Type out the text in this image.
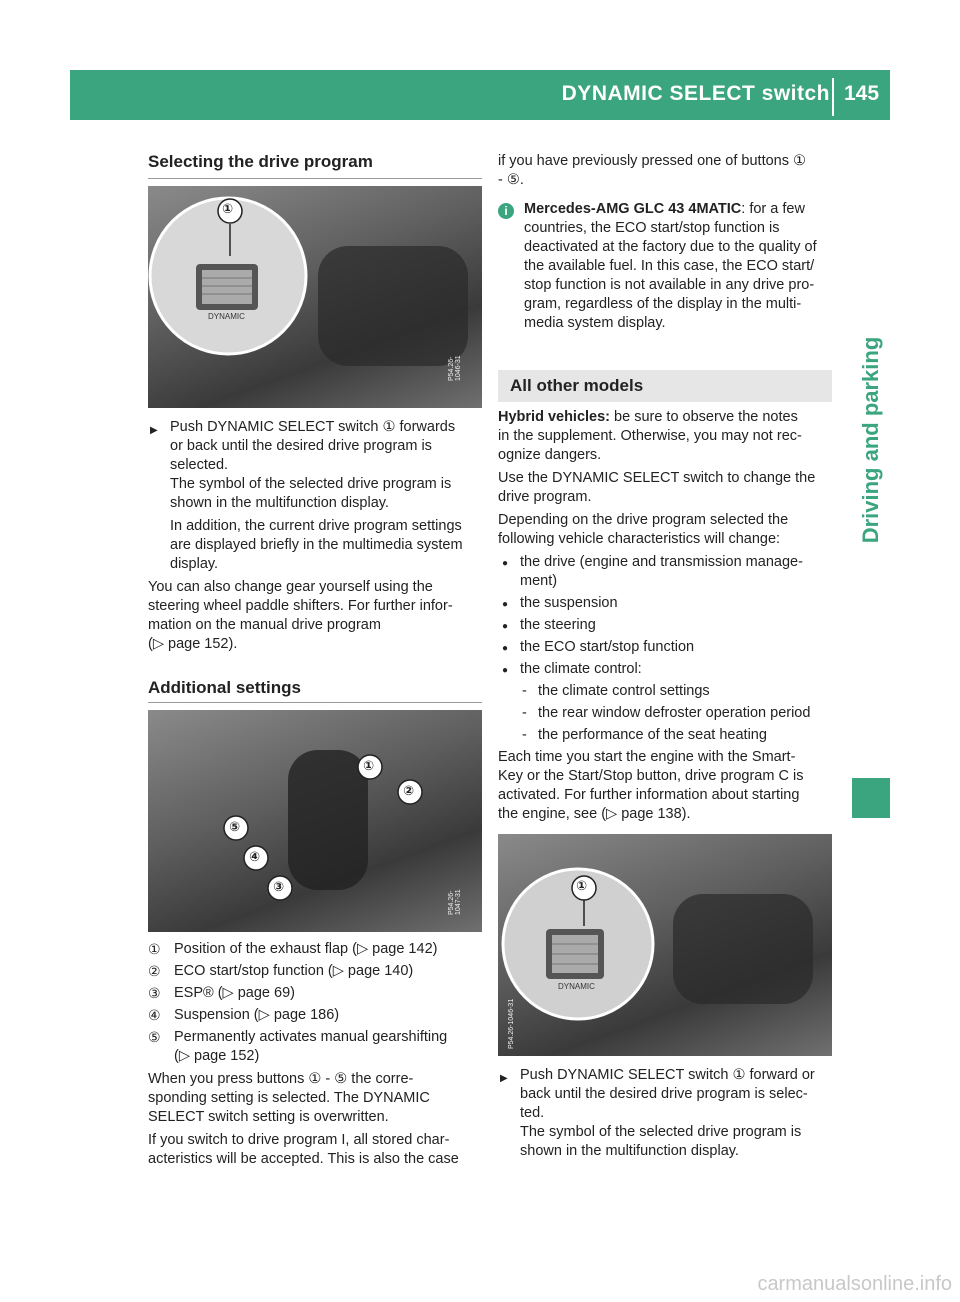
DYNAMIC SELECT switch 145
Driving and parking
Selecting the drive program
①
DYNAMIC
P54.26-1046-31
▶ Push DYNAMIC SELECT switch ① forwards
or back until the desired drive program is
selected.
The symbol of the selected drive program is
shown in the multifunction display.
In addition, the current drive program settings
are displayed briefly in the multimedia system
display.
You can also change gear yourself using the
steering wheel paddle shifters. For further infor-
mation on the manual drive program
(▷ page 152).
Additional settings
①
②
③
④
⑤
P54.26-1047-31
① Position of the exhaust flap (▷ page 142)
② ECO start/stop function (▷ page 140)
③ ESP® (▷ page 69)
④ Suspension (▷ page 186)
⑤ Permanently activates manual gearshifting
(▷ page 152)
When you press buttons ① - ⑤ the corre-
sponding setting is selected. The DYNAMIC
SELECT switch setting is overwritten.
If you switch to drive program I, all stored char-
acteristics will be accepted. This is also the case
if you have previously pressed one of buttons ①
- ⑤.
i Mercedes-AMG GLC 43 4MATIC: for a few
countries, the ECO start/stop function is
deactivated at the factory due to the quality of
the available fuel. In this case, the ECO start/
stop function is not available in any drive pro-
gram, regardless of the display in the multi-
media system display.
All other models
Hybrid vehicles: be sure to observe the notes
in the supplement. Otherwise, you may not rec-
ognize dangers.
Use the DYNAMIC SELECT switch to change the
drive program.
Depending on the drive program selected the
following vehicle characteristics will change:
● the drive (engine and transmission manage-
ment)
● the suspension
● the steering
● the ECO start/stop function
● the climate control:
- the climate control settings
- the rear window defroster operation period
- the performance of the seat heating
Each time you start the engine with the Smart-
Key or the Start/Stop button, drive program C is
activated. For further information about starting
the engine, see (▷ page 138).
①
DYNAMIC
P54.26-1046-31
▶ Push DYNAMIC SELECT switch ① forward or
back until the desired drive program is selec-
ted.
The symbol of the selected drive program is
shown in the multifunction display.
carmanualsonline.info
